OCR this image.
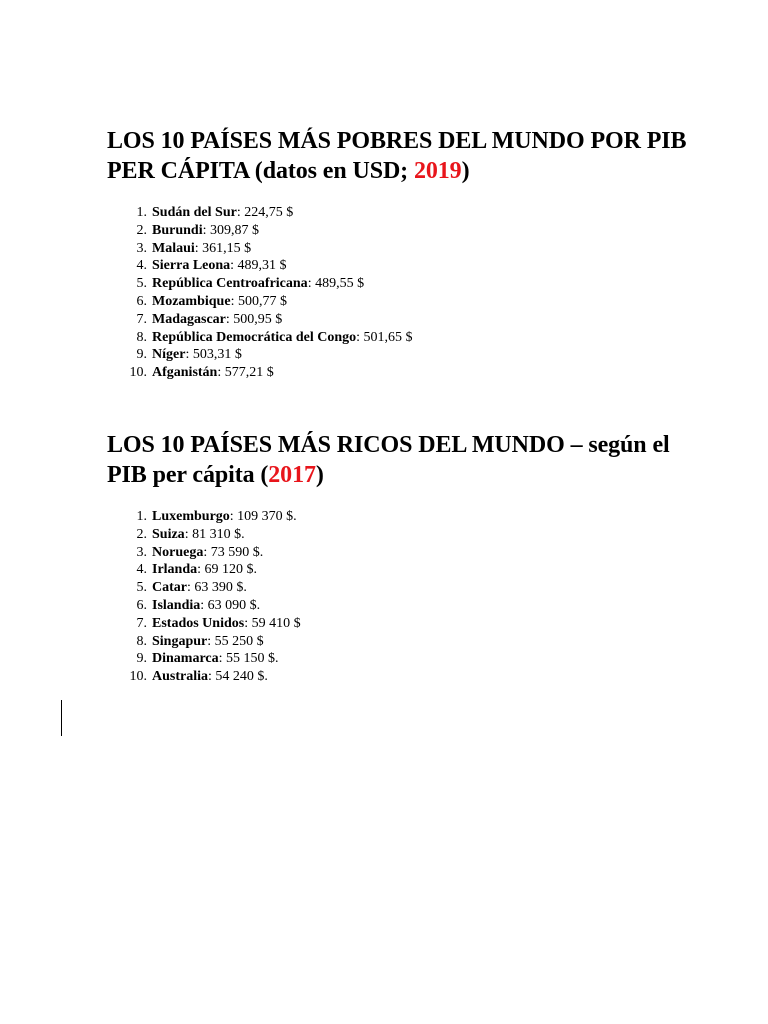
LOS 10 PAÍSES MÁS POBRES DEL MUNDO POR PIB PER CÁPITA (datos en USD; 2019)
1. Sudán del Sur: 224,75 $
2. Burundi: 309,87 $
3. Malaui: 361,15 $
4. Sierra Leona: 489,31 $
5. República Centroafricana: 489,55 $
6. Mozambique: 500,77 $
7. Madagascar: 500,95 $
8. República Democrática del Congo: 501,65 $
9. Níger: 503,31 $
10. Afganistán: 577,21 $
LOS 10 PAÍSES MÁS RICOS DEL MUNDO – según el PIB per cápita (2017)
1. Luxemburgo: 109 370 $.
2. Suiza: 81 310 $.
3. Noruega: 73 590 $.
4. Irlanda: 69 120 $.
5. Catar: 63 390 $.
6. Islandia: 63 090 $.
7. Estados Unidos: 59 410 $
8. Singapur: 55 250 $
9. Dinamarca: 55 150 $.
10. Australia: 54 240 $.
